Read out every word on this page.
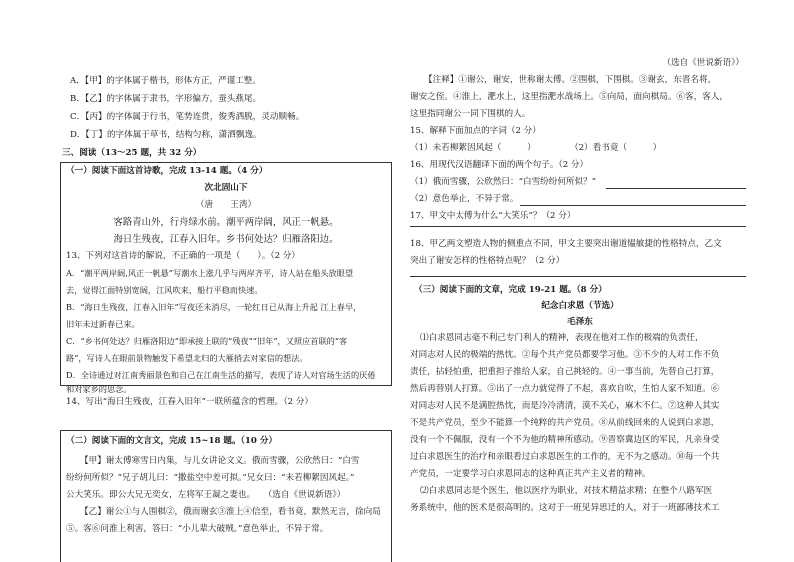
A．【甲】的字体属于楷书，形体方正，严谨工整。
B．【乙】的字体属于隶书，字形偏方，蚕头燕尾。
C．【丙】的字体属于行书，笔势连贯，俊秀洒脱，灵动顺畅。
D．【丁】的字体属于草书，结构匀称，潇洒飘逸。
三、阅读（13～25 题，共 32 分）
（一）阅读下面这首诗歌，完成 13-14 题。（4 分）
次北固山下
（唐　　王湾）
客路青山外，行舟绿水前。潮平两岸阔，风正一帆悬。
海日生残夜，江春入旧年。乡书何处达？归雁洛阳边。
13、下列对这首诗的解说，不正确的一项是（　　）。（2 分）
A．“潮平两岸阔,风正一帆悬”写潮水上涨几乎与两岸齐平，诗人站在船头放眼望
去，觉得江面特别宽阔，江风吹来，船行平稳而快速。
B．“海日生残夜，江春入旧年”写夜还未消尽，一轮红日已从海上升起 江上春早，
旧年未过新春已来。
C．“乡书何处达？归雁洛阳边”即承接上联的“残夜”“旧年”，又照应首联的“客
路”，写诗人在眼前景物触发下希望北归的大雁捎去对家信的想法。
D．全诗通过对江南秀丽景色和自己在江南生活的描写，表现了诗人对官场生活的厌倦
和对家乡的思念。
14、写出“海日生残夜，江春入旧年”一联所蕴含的哲理。（2 分）
（二）阅读下面的文言文，完成 15~18 题。（10 分）
【甲】谢太傅寒雪日内集，与儿女讲论文义。俄而雪骤，公欣然曰：“白雪
纷纷何所似？”兄子胡儿曰：“撒盐空中差可拟。”兄女曰：“未若柳絮因风起。”
公大笑乐。即公大兄无奕女，左将军王凝之妻也。　　（选自《世说新语》）
【乙】谢公①与人围棋②，俄而谢玄③淮上④信至，看书竟，默然无言，徐向局
⑤。客⑥问淮上利害，答曰：“小儿辈大破贼。”意色举止，不异于常。
（选自《世说新语》）
【注释】①谢公，谢安，世称谢太傅。②围棋，下围棋。③谢玄，东晋名将，
谢安之侄。④淮上，淝水上，这里指淝水战场上。⑤向局，面向棋局。⑥客，客人，
这里指同谢公一同下围棋的人。
15、解释下面加点的字词（2 分）
（1）未若柳絮因风起（　　　）	（2）看书竟（　　　）
16、用现代汉语翻译下面的两个句子。（2 分）
（1）俄而雪骤，公欣然曰：“白雪纷纷何所似？”
（2）意色举止，不异于常。
17、甲文中太傅为什么“大笑乐”？（2 分）
18、甲乙两文塑造人物的侧重点不同，甲文主要突出谢道韫敏捷的性格特点，乙文
突出了谢安怎样的性格特点呢？（2 分）
（三）阅读下面的文章，完成 19-21 题。（8 分）
纪念白求恩（节选）
毛泽东
⑴白求恩同志毫不利己专门利人的精神，表现在他对工作的极端的负责任，
对同志对人民的极端的热忱。②每个共产党员都要学习他。③不少的人对工作不负
责任，拈轻怕重，把重担子推给人家，自己挑轻的。④一事当前，先替自己打算，
然后再替别人打算。⑤出了一点力就觉得了不起，喜欢自吹，生怕人家不知道。⑥
对同志对人民不是满腔热忱，而是冷冷清清，漠不关心，麻木不仁。⑦这种人其实
不是共产党员，至少不能算一个纯粹的共产党员。⑧从前线回来的人说到白求恩，
没有一个不佩服，没有一个不为他的精神所感动。⑨晋察冀边区的军民，凡亲身受
过白求恩医生的治疗和亲眼看过白求恩医生的工作的，无不为之感动。⑩每一个共
产党员，一定要学习白求恩同志的这种真正共产主义者的精神。
⑵白求恩同志是个医生，他以医疗为职业，对技术精益求精；在整个八路军医
务系统中，他的医术是很高明的。这对于一班见异思迁的人，对于一班鄙薄技术工
